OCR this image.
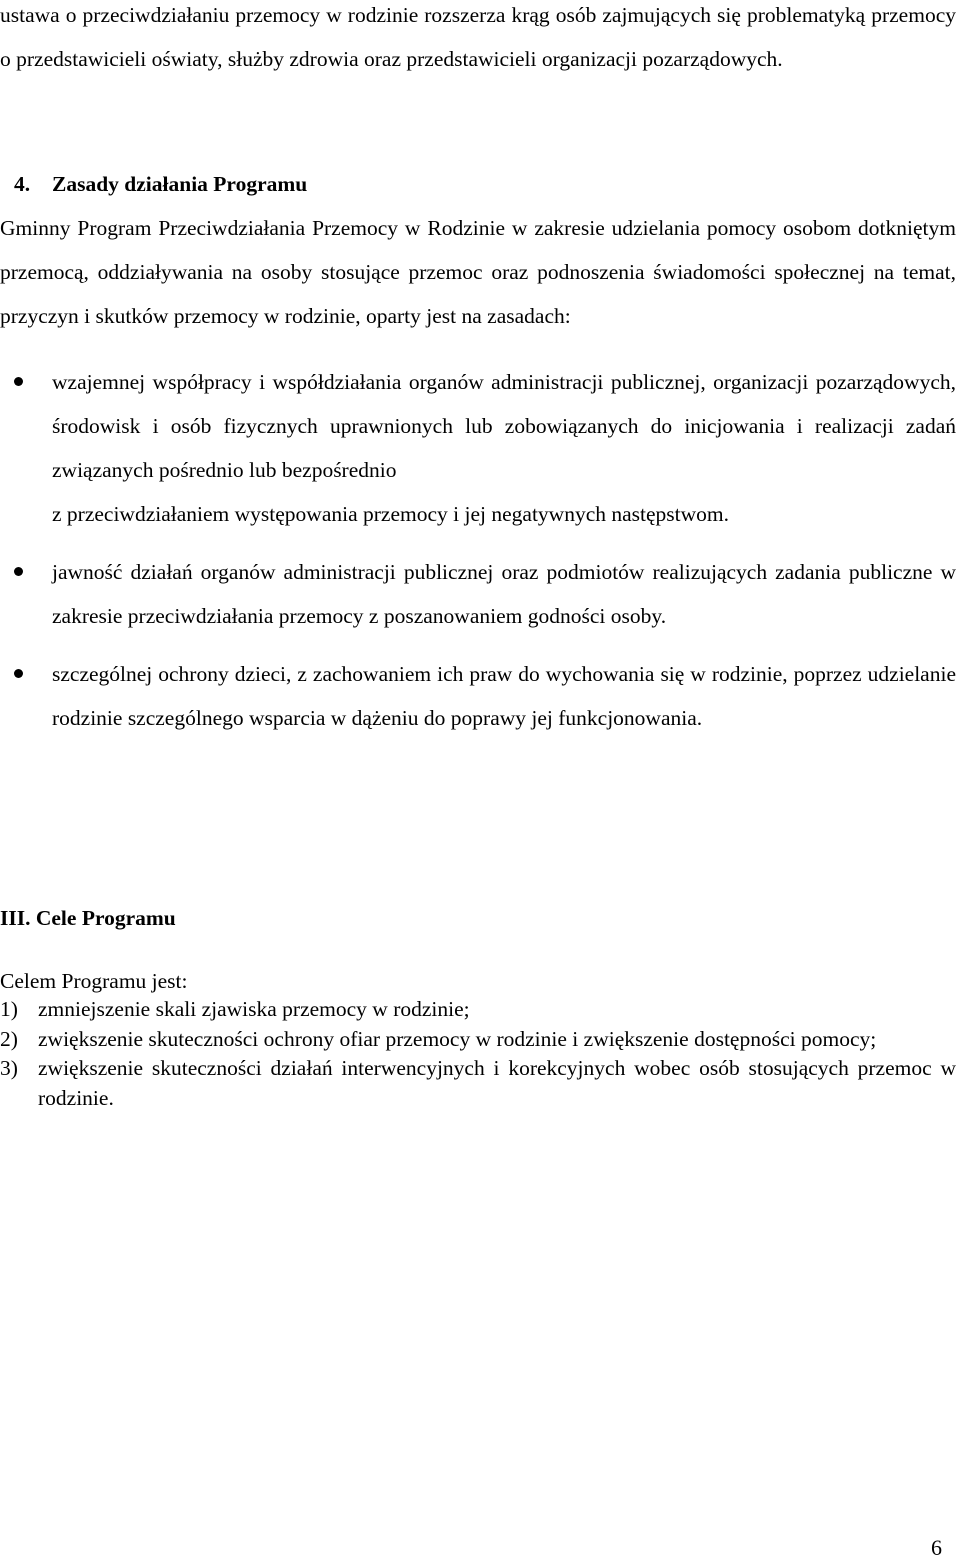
ustawa o przeciwdziałaniu przemocy w rodzinie rozszerza krąg osób zajmujących się problematyką przemocy o przedstawicieli oświaty, służby zdrowia oraz przedstawicieli organizacji pozarządowych.
4. Zasady działania Programu
Gminny Program Przeciwdziałania Przemocy w Rodzinie w zakresie udzielania pomocy osobom dotkniętym przemocą, oddziaływania na osoby stosujące przemoc oraz podnoszenia świadomości społecznej na temat, przyczyn i skutków przemocy w rodzinie, oparty jest na zasadach:
wzajemnej współpracy i współdziałania organów administracji publicznej, organizacji pozarządowych, środowisk i osób fizycznych uprawnionych lub zobowiązanych do inicjowania i realizacji zadań związanych pośrednio lub bezpośrednio
z przeciwdziałaniem występowania przemocy i jej negatywnych następstwom.
jawność działań organów administracji publicznej oraz podmiotów realizujących zadania publiczne w zakresie przeciwdziałania przemocy z poszanowaniem godności osoby.
szczególnej ochrony dzieci, z zachowaniem ich praw do wychowania się w rodzinie, poprzez udzielanie rodzinie szczególnego wsparcia w dążeniu do poprawy jej funkcjonowania.
III. Cele Programu
Celem Programu jest:
1) zmniejszenie skali zjawiska przemocy w rodzinie;
2) zwiększenie skuteczności ochrony ofiar przemocy w rodzinie i zwiększenie dostępności pomocy;
3) zwiększenie skuteczności działań interwencyjnych i korekcyjnych wobec osób stosujących przemoc w rodzinie.
6
